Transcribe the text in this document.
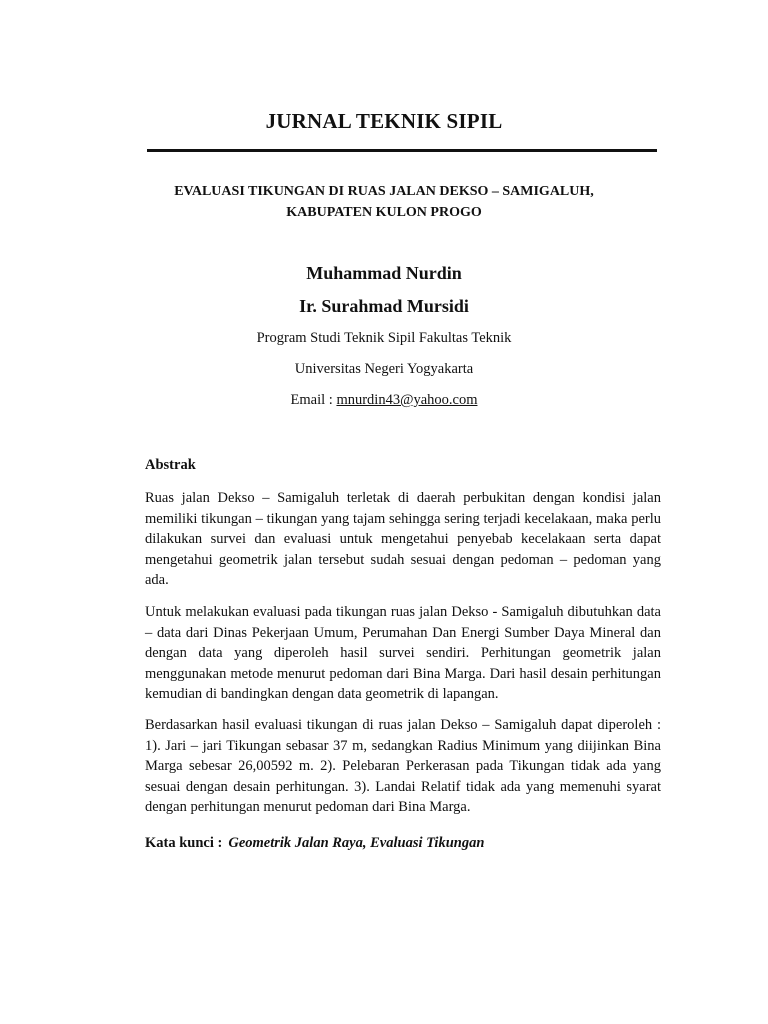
JURNAL TEKNIK SIPIL
EVALUASI TIKUNGAN DI RUAS JALAN DEKSO – SAMIGALUH,
KABUPATEN KULON PROGO
Muhammad Nurdin
Ir. Surahmad Mursidi
Program Studi Teknik Sipil Fakultas Teknik
Universitas Negeri Yogyakarta
Email : mnurdin43@yahoo.com
Abstrak

Ruas jalan Dekso – Samigaluh terletak di daerah perbukitan dengan kondisi jalan memiliki tikungan – tikungan yang tajam sehingga sering terjadi kecelakaan, maka perlu dilakukan survei dan evaluasi untuk mengetahui penyebab kecelakaan serta dapat mengetahui geometrik jalan tersebut sudah sesuai dengan pedoman – pedoman yang ada.

Untuk melakukan evaluasi pada tikungan ruas jalan Dekso - Samigaluh dibutuhkan data – data dari Dinas Pekerjaan Umum, Perumahan Dan Energi Sumber Daya Mineral dan dengan data yang diperoleh hasil survei sendiri. Perhitungan geometrik jalan menggunakan metode menurut pedoman dari Bina Marga. Dari hasil desain perhitungan kemudian di bandingkan dengan data geometrik di lapangan.

Berdasarkan hasil evaluasi tikungan di ruas jalan Dekso – Samigaluh dapat diperoleh : 1). Jari – jari Tikungan sebasar 37 m, sedangkan Radius Minimum yang diijinkan Bina Marga sebesar 26,00592 m. 2). Pelebaran Perkerasan pada Tikungan tidak ada yang sesuai dengan desain perhitungan. 3). Landai Relatif tidak ada yang memenuhi syarat dengan perhitungan menurut pedoman dari Bina Marga.

Kata kunci : Geometrik Jalan Raya, Evaluasi Tikungan
